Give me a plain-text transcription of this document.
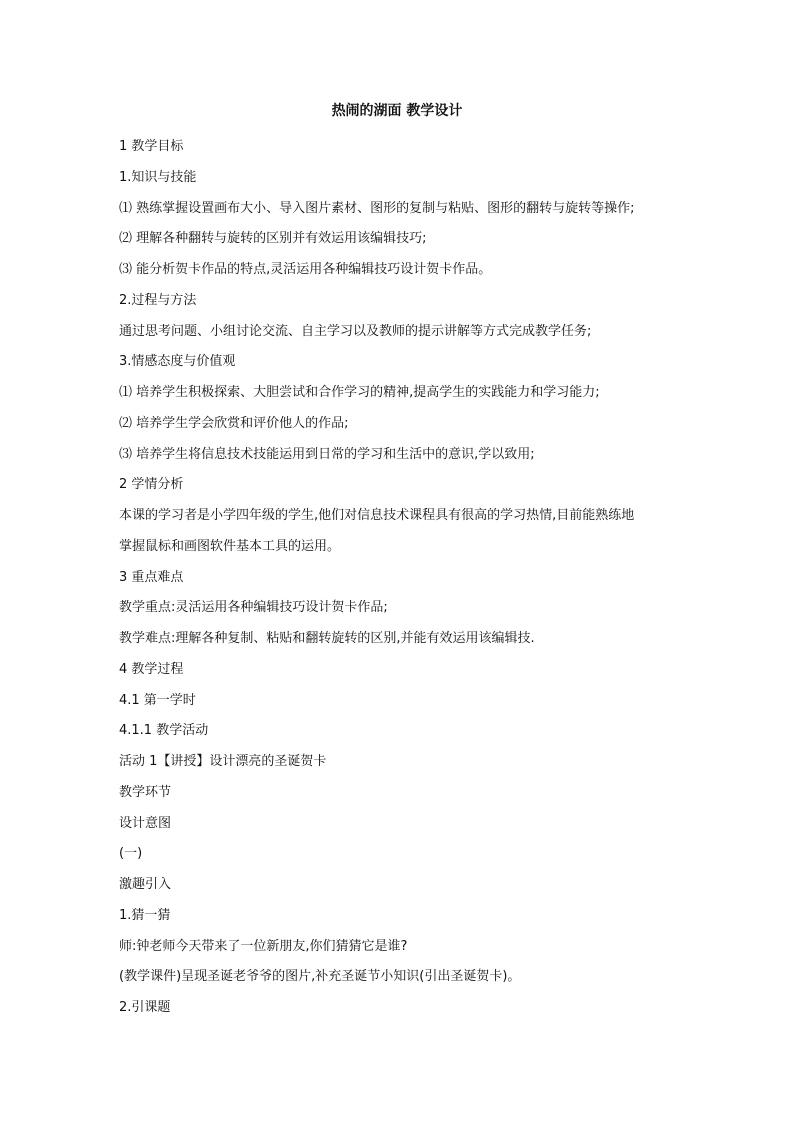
热闹的湖面 教学设计
1 教学目标
1.知识与技能
⑴ 熟练掌握设置画布大小、导入图片素材、图形的复制与粘贴、图形的翻转与旋转等操作;
⑵ 理解各种翻转与旋转的区别并有效运用该编辑技巧;
⑶ 能分析贺卡作品的特点,灵活运用各种编辑技巧设计贺卡作品。
2.过程与方法
通过思考问题、小组讨论交流、自主学习以及教师的提示讲解等方式完成教学任务;
3.情感态度与价值观
⑴ 培养学生积极探索、大胆尝试和合作学习的精神,提高学生的实践能力和学习能力;
⑵ 培养学生学会欣赏和评价他人的作品;
⑶ 培养学生将信息技术技能运用到日常的学习和生活中的意识,学以致用;
2 学情分析
本课的学习者是小学四年级的学生,他们对信息技术课程具有很高的学习热情,目前能熟练地
掌握鼠标和画图软件基本工具的运用。
3 重点难点
教学重点:灵活运用各种编辑技巧设计贺卡作品;
教学难点:理解各种复制、粘贴和翻转旋转的区别,并能有效运用该编辑技.
4 教学过程
4.1 第一学时
4.1.1 教学活动
活动 1【讲授】设计漂亮的圣诞贺卡
教学环节
设计意图
(一)
激趣引入
1.猜一猜
师:钟老师今天带来了一位新朋友,你们猜猜它是谁?
(教学课件)呈现圣诞老爷爷的图片,补充圣诞节小知识(引出圣诞贺卡)。
2.引课题
